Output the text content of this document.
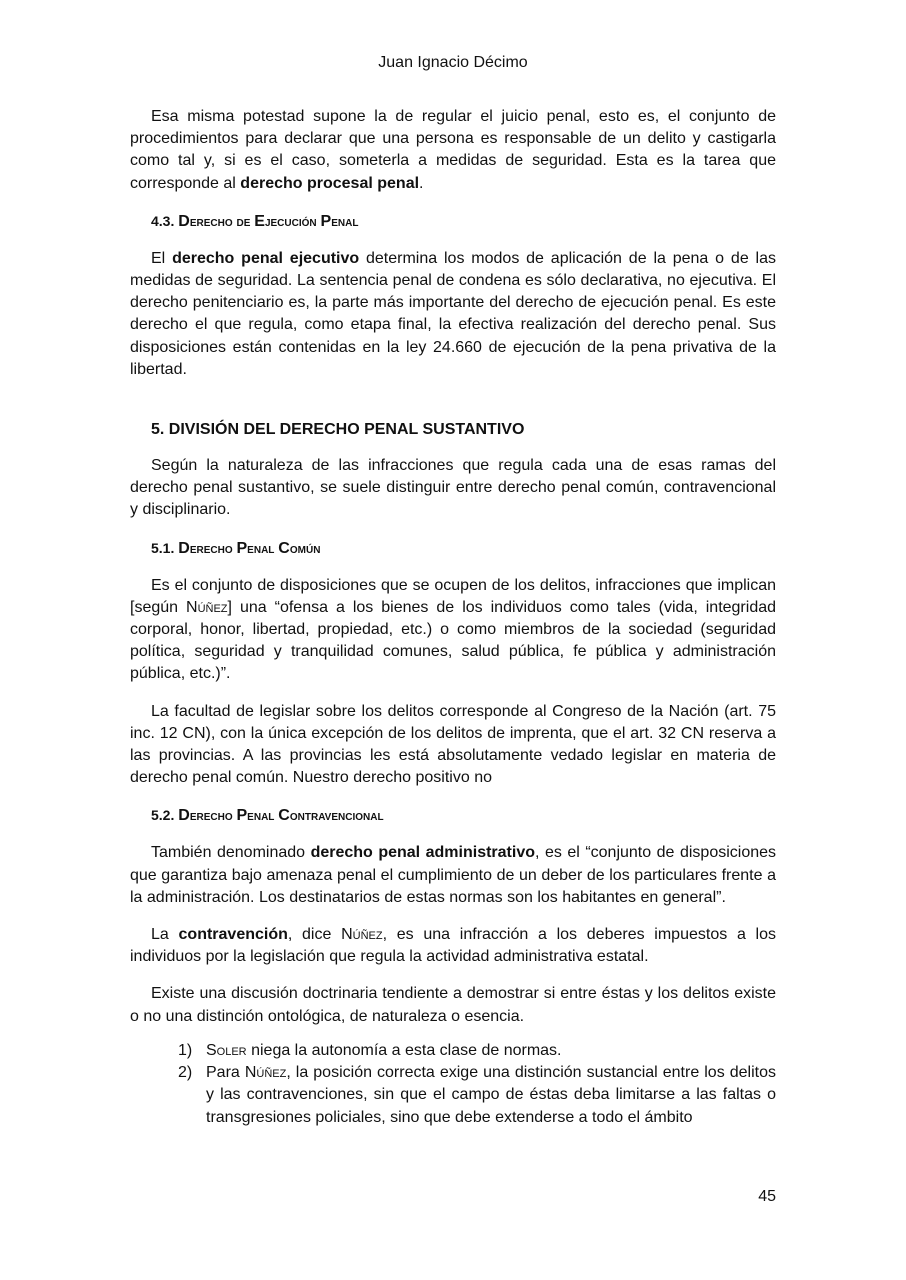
Juan Ignacio Décimo

Esa misma potestad supone la de regular el juicio penal, esto es, el conjunto de procedimientos para declarar que una persona es responsable de un delito y castigarla como tal y, si es el caso, someterla a medidas de seguridad. Esta es la tarea que corresponde al derecho procesal penal.

4.3. Derecho de Ejecución Penal

El derecho penal ejecutivo determina los modos de aplicación de la pena o de las medidas de seguridad. La sentencia penal de condena es sólo declarativa, no ejecutiva. El derecho penitenciario es, la parte más importante del derecho de ejecución penal. Es este derecho el que regula, como etapa final, la efectiva realización del derecho penal. Sus disposiciones están contenidas en la ley 24.660 de ejecución de la pena privativa de la libertad.

5. DIVISIÓN DEL DERECHO PENAL SUSTANTIVO

Según la naturaleza de las infracciones que regula cada una de esas ramas del derecho penal sustantivo, se suele distinguir entre derecho penal común, contravencional y disciplinario.

5.1. Derecho Penal Común

Es el conjunto de disposiciones que se ocupen de los delitos, infracciones que implican [según Núñez] una “ofensa a los bienes de los individuos como tales (vida, integridad corporal, honor, libertad, propiedad, etc.) o como miembros de la sociedad (seguridad política, seguridad y tranquilidad comunes, salud pública, fe pública y administración pública, etc.)”.

La facultad de legislar sobre los delitos corresponde al Congreso de la Nación (art. 75 inc. 12 CN), con la única excepción de los delitos de imprenta, que el art. 32 CN reserva a las provincias. A las provincias les está absolutamente vedado legislar en materia de derecho penal común. Nuestro derecho positivo no

5.2. Derecho Penal Contravencional

También denominado derecho penal administrativo, es el “conjunto de disposiciones que garantiza bajo amenaza penal el cumplimiento de un deber de los particulares frente a la administración. Los destinatarios de estas normas son los habitantes en general”.

La contravención, dice Núñez, es una infracción a los deberes impuestos a los individuos por la legislación que regula la actividad administrativa estatal.

Existe una discusión doctrinaria tendiente a demostrar si entre éstas y los delitos existe o no una distinción ontológica, de naturaleza o esencia.

1) Soler niega la autonomía a esta clase de normas.
2) Para Núñez, la posición correcta exige una distinción sustancial entre los delitos y las contravenciones, sin que el campo de éstas deba limitarse a las faltas o transgresiones policiales, sino que debe extenderse a todo el ámbito
45
